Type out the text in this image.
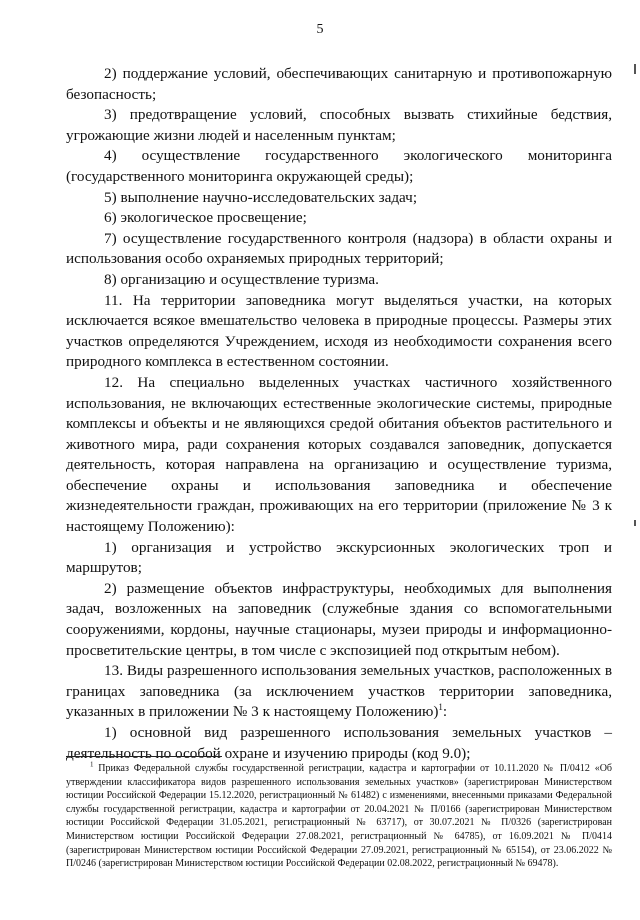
5

2) поддержание условий, обеспечивающих санитарную и противопожарную безопасность;

3) предотвращение условий, способных вызвать стихийные бедствия, угрожающие жизни людей и населенным пунктам;

4) осуществление государственного экологического мониторинга (государственного мониторинга окружающей среды);

5) выполнение научно-исследовательских задач;

6) экологическое просвещение;

7) осуществление государственного контроля (надзора) в области охраны и использования особо охраняемых природных территорий;

8) организацию и осуществление туризма.

11. На территории заповедника могут выделяться участки, на которых исключается всякое вмешательство человека в природные процессы. Размеры этих участков определяются Учреждением, исходя из необходимости сохранения всего природного комплекса в естественном состоянии.

12. На специально выделенных участках частичного хозяйственного использования, не включающих естественные экологические системы, природные комплексы и объекты и не являющихся средой обитания объектов растительного и животного мира, ради сохранения которых создавался заповедник, допускается деятельность, которая направлена на организацию и осуществление туризма, обеспечение охраны и использования заповедника и обеспечение жизнедеятельности граждан, проживающих на его территории (приложение № 3 к настоящему Положению):

1) организация и устройство экскурсионных экологических троп и маршрутов;

2) размещение объектов инфраструктуры, необходимых для выполнения задач, возложенных на заповедник (служебные здания со вспомогательными сооружениями, кордоны, научные стационары, музеи природы и информационно-просветительские центры, в том числе с экспозицией под открытым небом).

13. Виды разрешенного использования земельных участков, расположенных в границах заповедника (за исключением участков территории заповедника, указанных в приложении № 3 к настоящему Положению)$^1$:

1) основной вид разрешенного использования земельных участков – деятельность по особой охране и изучению природы (код 9.0);

$^1$ Приказ Федеральной службы государственной регистрации, кадастра и картографии от 10.11.2020 № П/0412 «Об утверждении классификатора видов разрешенного использования земельных участков» (зарегистрирован Министерством юстиции Российской Федерации 15.12.2020, регистрационный № 61482) с изменениями, внесенными приказами Федеральной службы государственной регистрации, кадастра и картографии от 20.04.2021 № П/0166 (зарегистрирован Министерством юстиции Российской Федерации 31.05.2021, регистрационный № 63717), от 30.07.2021 № П/0326 (зарегистрирован Министерством юстиции Российской Федерации 27.08.2021, регистрационный № 64785), от 16.09.2021 № П/0414 (зарегистрирован Министерством юстиции Российской Федерации 27.09.2021, регистрационный № 65154), от 23.06.2022 № П/0246 (зарегистрирован Министерством юстиции Российской Федерации 02.08.2022, регистрационный № 69478).
